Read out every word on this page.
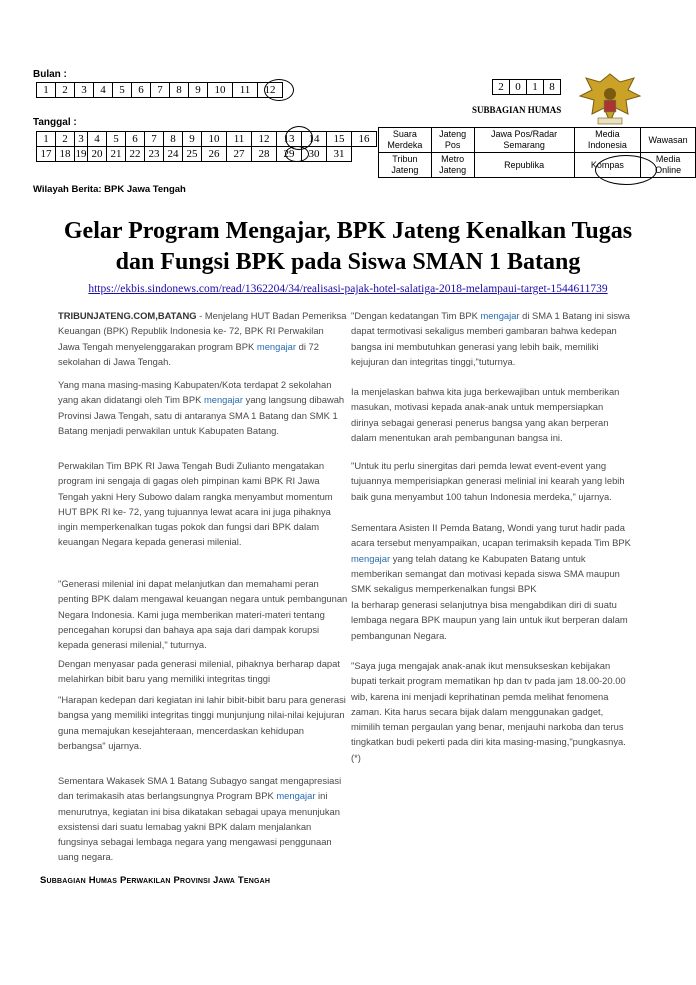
Bulan :
1	2	3	4	5	6	7	8	9	10	11	12
Tanggal :
1	2	3	4	5	6	7	8	9	10	11	12	13	14	15	16
17	18	19	20	21	22	23	24	25	26	27	28	29	30	31	
2	0	1	8
SUBBAGIAN HUMAS
Suara Merdeka	Jateng Pos	Jawa Pos/Radar Semarang	Media Indonesia	Wawasan
Tribun Jateng	Metro Jateng	Republika	Kompas	Media Online
Wilayah Berita: BPK Jawa Tengah
Gelar Program Mengajar, BPK Jateng Kenalkan Tugas
dan Fungsi BPK pada Siswa SMAN 1 Batang
https://ekbis.sindonews.com/read/1362204/34/realisasi-pajak-hotel-salatiga-2018-melampaui-target-1544611739

TRIBUNJATENG.COM,BATANG - Menjelang HUT Badan Pemeriksa Keuangan (BPK) Republik Indonesia ke- 72, BPK RI Perwakilan Jawa Tengah menyelenggarakan program BPK mengajar di 72 sekolahan di Jawa Tengah.

Yang mana masing-masing Kabupaten/Kota terdapat 2 sekolahan yang akan didatangi oleh Tim BPK mengajar yang langsung dibawah Provinsi Jawa Tengah, satu di antaranya SMA 1 Batang dan SMK 1 Batang menjadi perwakilan untuk Kabupaten Batang.

Perwakilan Tim BPK RI Jawa Tengah Budi Zulianto mengatakan program ini sengaja di gagas oleh pimpinan kami BPK RI Jawa Tengah yakni Hery Subowo dalam rangka menyambut momentum HUT BPK RI ke- 72, yang tujuannya lewat acara ini juga pihaknya ingin memperkenalkan tugas pokok dan fungsi dari BPK dalam keuangan Negara kepada generasi milenial.

"Generasi milenial ini dapat melanjutkan dan memahami peran penting BPK dalam mengawal keuangan negara untuk pembangunan Negara Indonesia. Kami juga memberikan materi-materi tentang pencegahan korupsi dan bahaya apa saja dari dampak korupsi kepada generasi milenial," tuturnya.

Dengan menyasar pada generasi milenial, pihaknya berharap dapat melahirkan bibit baru yang memiliki integritas tinggi

"Harapan kedepan dari kegiatan ini lahir bibit-bibit baru para generasi bangsa yang memiliki integritas tinggi munjunjung nilai-nilai kejujuran guna memajukan kesejahteraan, mencerdaskan kehidupan berbangsa" ujarnya.

Sementara Wakasek SMA 1 Batang Subagyo sangat mengapresiasi dan terimakasih atas berlangsungnya Program BPK mengajar ini menurutnya, kegiatan ini bisa dikatakan sebagai upaya menunjukan exsistensi dari suatu lemabag yakni BPK dalam menjalankan fungsinya sebagai lembaga negara yang mengawasi penggunaan uang negara.

"Dengan kedatangan Tim BPK mengajar di SMA 1 Batang ini siswa dapat termotivasi sekaligus memberi gambaran bahwa kedepan bangsa ini membutuhkan generasi yang lebih baik, memiliki kejujuran dan integritas tinggi,"tuturnya.

Ia menjelaskan bahwa kita juga berkewajiban untuk memberikan masukan, motivasi kepada anak-anak untuk mempersiapkan dirinya sebagai generasi penerus bangsa yang akan berperan dalam menentukan arah pembangunan bangsa ini.

"Untuk itu perlu sinergitas dari pemda lewat event-event yang tujuannya memperisiapkan generasi melinial ini kearah yang lebih baik guna menyambut 100 tahun Indonesia merdeka," ujarnya.

Sementara Asisten II Pemda Batang, Wondi yang turut hadir pada acara tersebut menyampaikan, ucapan terimaksih kepada Tim BPK mengajar yang telah datang ke Kabupaten Batang untuk memberikan semangat dan motivasi kepada siswa SMA maupun SMK sekaligus memperkenalkan fungsi BPK

Ia berharap generasi selanjutnya bisa mengabdikan diri di suatu lembaga negara BPK maupun yang lain untuk ikut berperan dalam pembangunan Negara.

"Saya juga mengajak anak-anak ikut mensukseskan kebijakan bupati terkait program mematikan hp dan tv pada jam 18.00-20.00 wib, karena ini menjadi keprihatinan pemda melihat fenomena zaman. Kita harus secara bijak dalam menggunakan gadget, mimilih teman pergaulan yang benar, menjauhi narkoba dan terus tingkatkan budi pekerti pada diri kita masing-masing,"pungkasnya. (*)

Subbagian Humas Perwakilan Provinsi Jawa Tengah
